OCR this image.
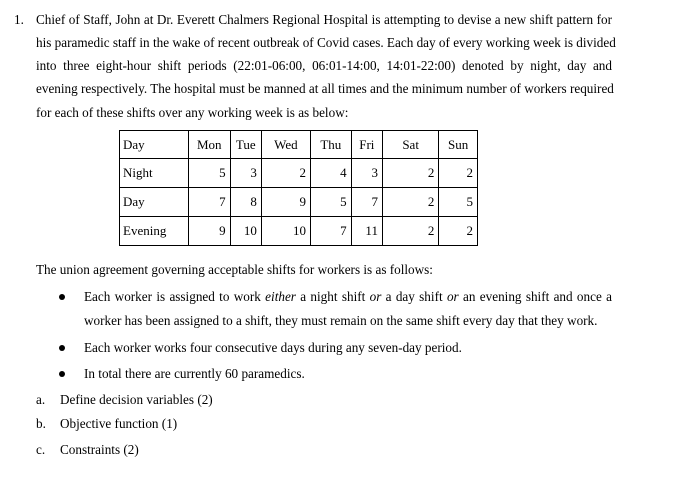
1. Chief of Staff, John at Dr. Everett Chalmers Regional Hospital is attempting to devise a new shift pattern for
his paramedic staff in the wake of recent outbreak of Covid cases. Each day of every working week is divided
into three eight-hour shift periods (22:01-06:00, 06:01-14:00, 14:01-22:00) denoted by night, day and
evening respectively. The hospital must be manned at all times and the minimum number of workers required
for each of these shifts over any working week is as below:
Day	Mon	Tue	Wed	Thu	Fri	Sat	Sun
Night	5	3	2	4	3	2	2
Day	7	8	9	5	7	2	5
Evening	9	10	10	7	11	2	2
The union agreement governing acceptable shifts for workers is as follows:
Each worker is assigned to work either a night shift or a day shift or an evening shift and once a
worker has been assigned to a shift, they must remain on the same shift every day that they work.
Each worker works four consecutive days during any seven-day period.
In total there are currently 60 paramedics.
a. Define decision variables (2)
b. Objective function (1)
c. Constraints (2)
